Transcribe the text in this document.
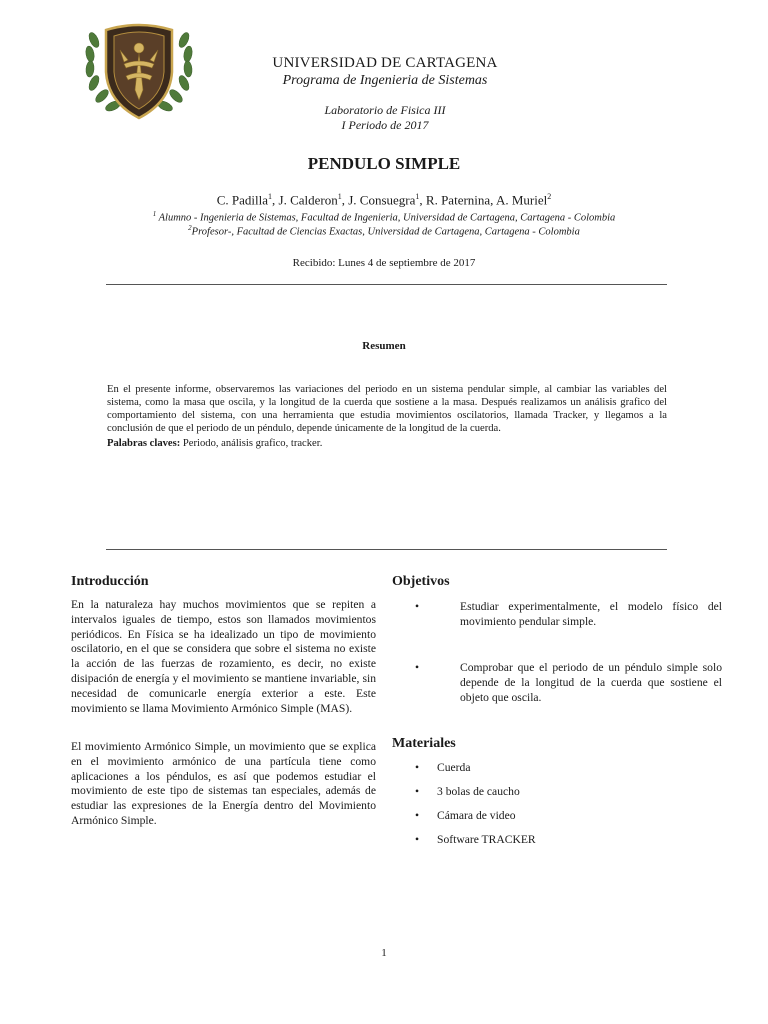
UNIVERSIDAD DE CARTAGENA
Programa de Ingenieria de Sistemas
Laboratorio de Fisica III
I Periodo de 2017
PENDULO SIMPLE
C. Padilla$^1$, J. Calderon$^1$, J. Consuegra$^1$, R. Paternina, A. Muriel$^2$
$^1$ Alumno - Ingenieria de Sistemas, Facultad de Ingenieria, Universidad de Cartagena, Cartagena - Colombia
$^2$Profesor-, Facultad de Ciencias Exactas, Universidad de Cartagena, Cartagena - Colombia
Recibido: Lunes 4 de septiembre de 2017
Resumen
En el presente informe, observaremos las variaciones del periodo en un sistema pendular simple, al cambiar las variables del sistema, como la masa que oscila, y la longitud de la cuerda que sostiene a la masa. Después realizamos un análisis grafico del comportamiento del sistema, con una herramienta que estudia movimientos oscilatorios, llamada Tracker, y llegamos a la conclusión de que el periodo de un péndulo, depende únicamente de la longitud de la cuerda.
Palabras claves: Periodo, análisis grafico, tracker.
Introducción
En la naturaleza hay muchos movimientos que se repiten a intervalos iguales de tiempo, estos son llamados movimientos periódicos. En Física se ha idealizado un tipo de movimiento oscilatorio, en el que se considera que sobre el sistema no existe la acción de las fuerzas de rozamiento, es decir, no existe disipación de energía y el movimiento se mantiene invariable, sin necesidad de comunicarle energía exterior a este. Este movimiento se llama Movimiento Armónico Simple (MAS).
El movimiento Armónico Simple, un movimiento que se explica en el movimiento armónico de una partícula tiene como aplicaciones a los péndulos, es así que podemos estudiar el movimiento de este tipo de sistemas tan especiales, además de estudiar las expresiones de la Energía dentro del Movimiento Armónico Simple.
Objetivos
•	Estudiar experimentalmente, el modelo físico del movimiento pendular simple.
•	Comprobar que el periodo de un péndulo simple solo depende de la longitud de la cuerda que sostiene el objeto que oscila.
Materiales
•	Cuerda
•	3 bolas de caucho
•	Cámara de video
•	Software TRACKER
1
